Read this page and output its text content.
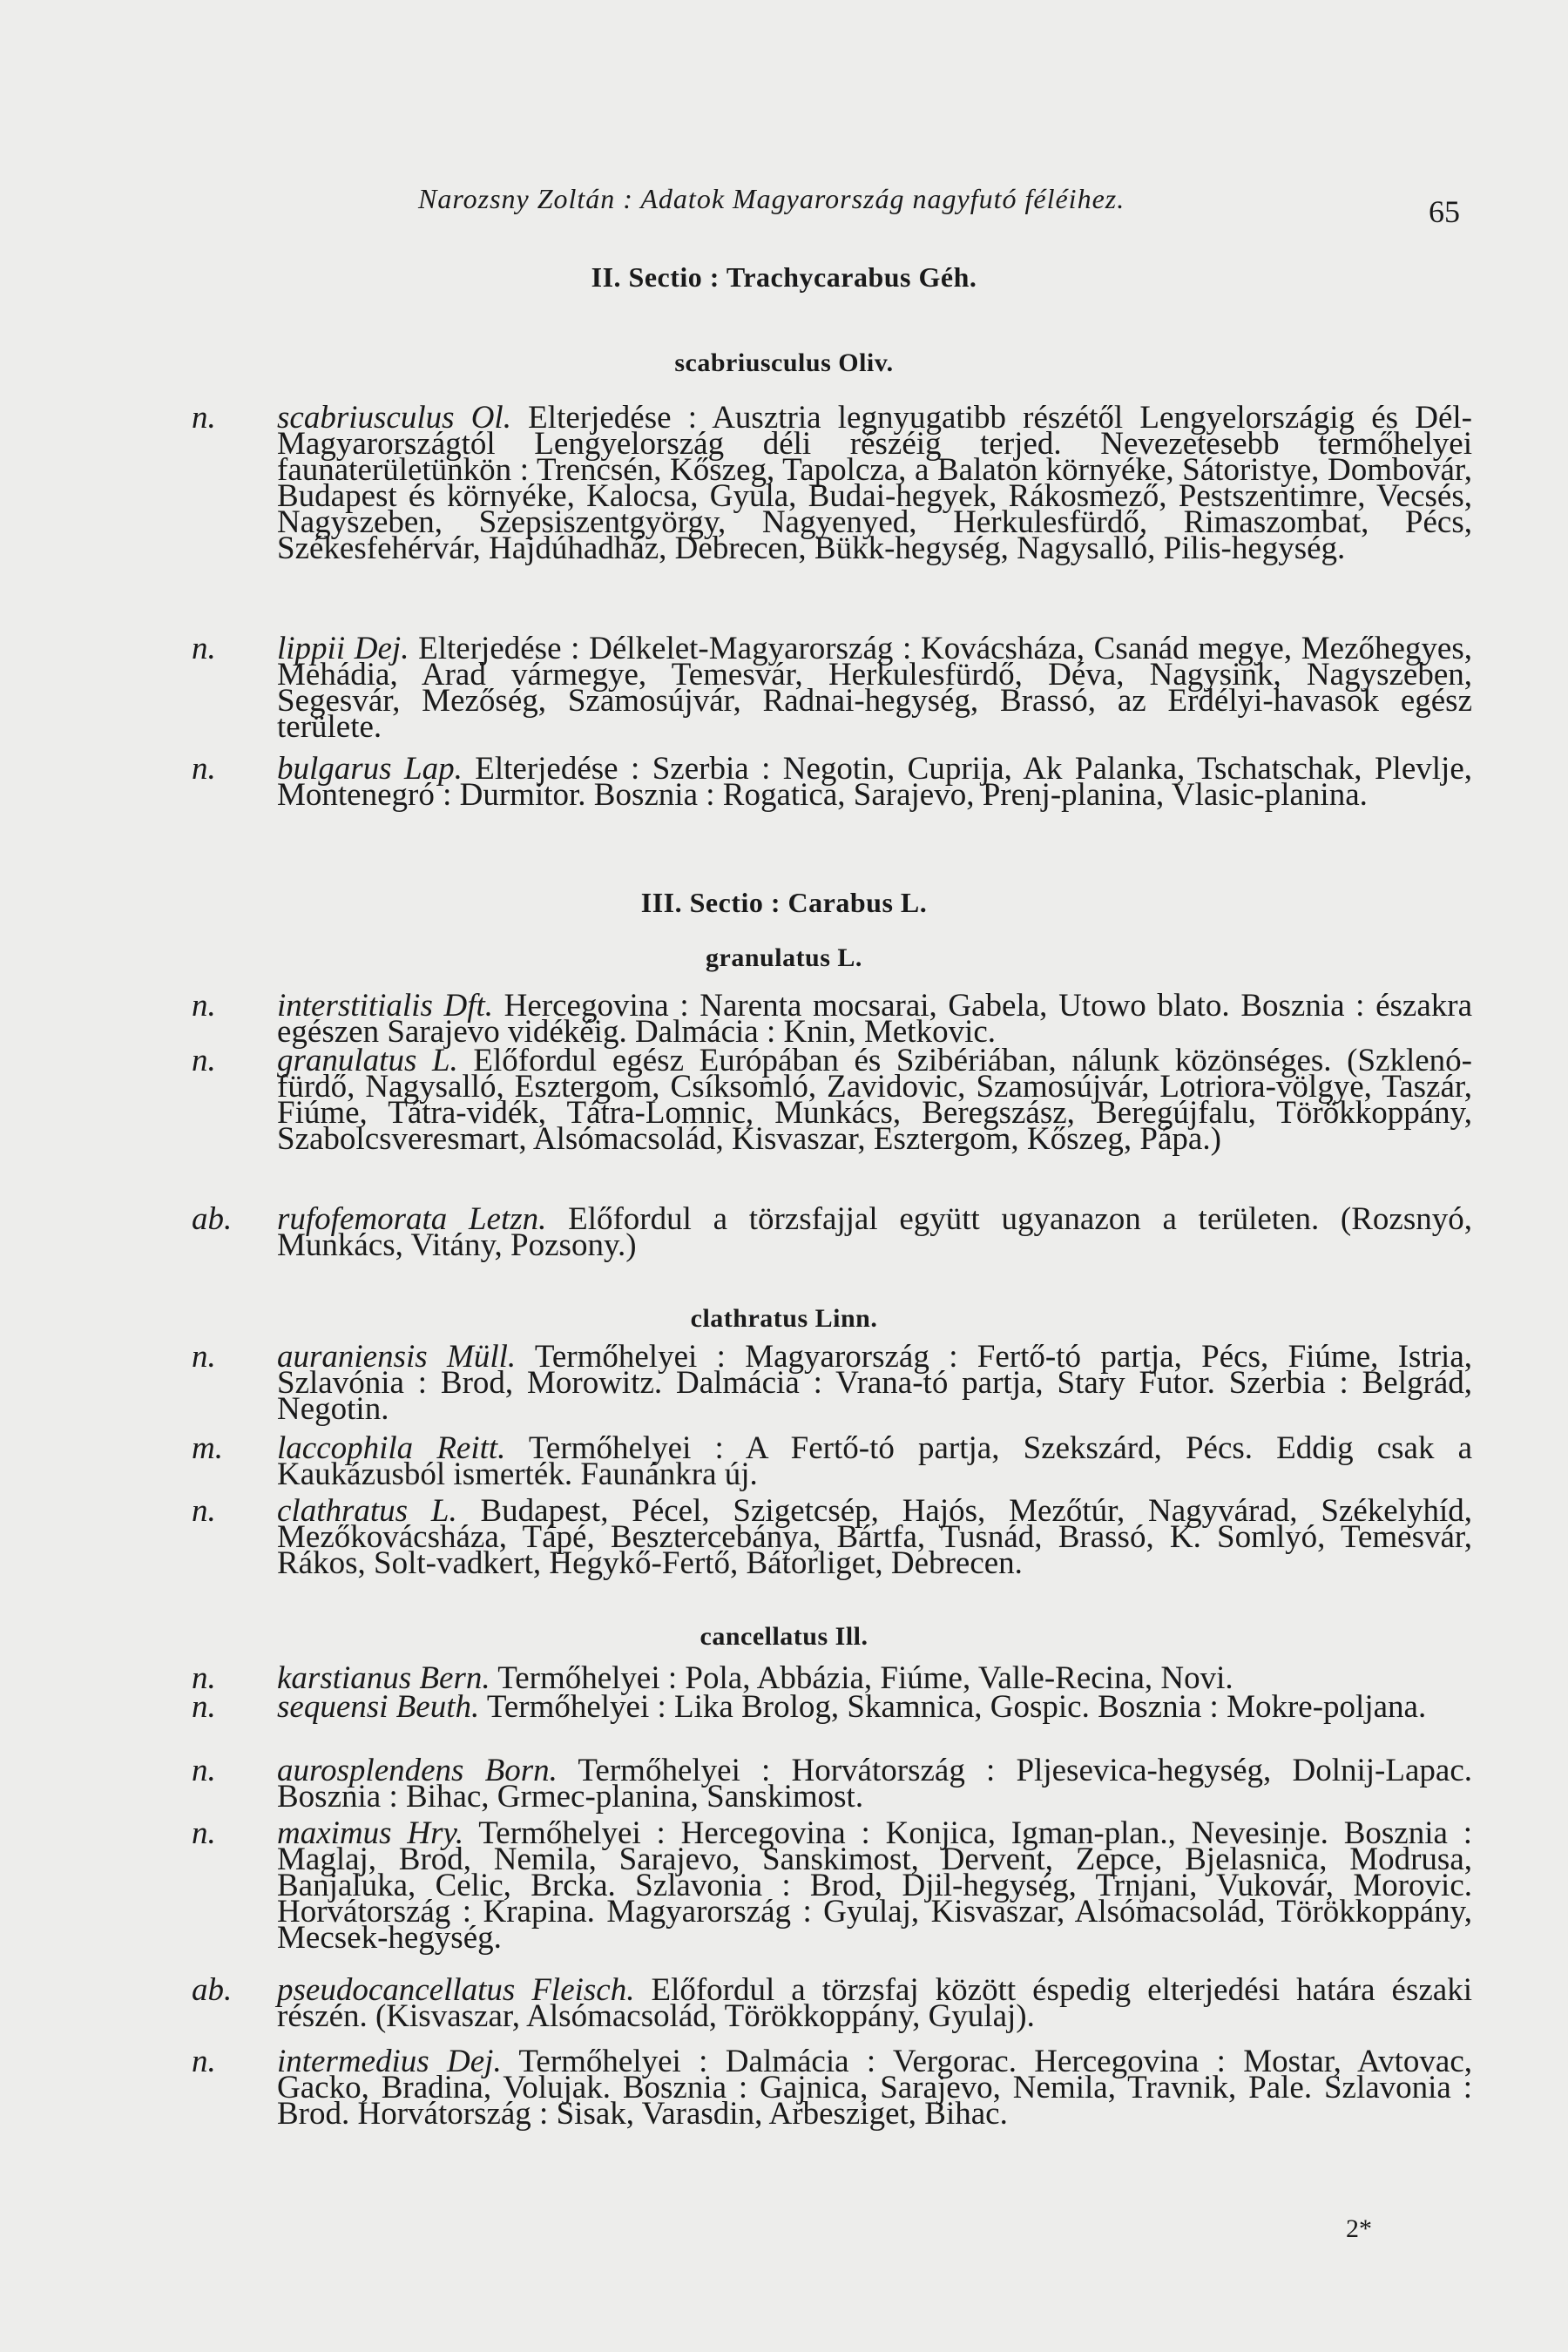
Narozsny Zoltán : Adatok Magyarország nagyfutó féléihez.	65
II. Sectio : Trachycarabus Géh.
scabriusculus Oliv.
n.	scabriusculus Ol. Elterjedése : Ausztria legnyugatibb részétől Lengyelországig és Dél-Magyarországtól Lengyelország déli részéig terjed. Nevezetesebb termőhelyei faunaterületünkön : Trencsén, Kőszeg, Tapolcza, a Balaton környéke, Sátoristye, Dombovár, Budapest és környéke, Kalocsa, Gyula, Budai-hegyek, Rákosmező, Pestszentimre, Vecsés, Nagyszeben, Szepsiszentgyörgy, Nagyenyed, Herkulesfürdő, Rimaszombat, Pécs, Székesfehérvár, Hajdúhadház, Debrecen, Bükk-hegység, Nagysalló, Pilis-hegység.
n.	lippii Dej. Elterjedése : Délkelet-Magyarország : Kovácsháza, Csanád megye, Mezőhegyes, Mehádia, Arad vármegye, Temesvár, Herkulesfürdő, Déva, Nagysink, Nagyszeben, Segesvár, Mezőség, Szamosújvár, Radnai-hegység, Brassó, az Erdélyi-havasok egész területe.
n.	bulgarus Lap. Elterjedése : Szerbia : Negotin, Cuprija, Ak Palanka, Tschatschak, Plevlje, Montenegró : Durmitor. Bosznia : Rogatica, Sarajevo, Prenj-planina, Vlasic-planina.
III. Sectio : Carabus L.
granulatus L.
n.	interstitialis Dft. Hercegovina : Narenta mocsarai, Gabela, Utowo blato. Bosznia : északra egészen Sarajevo vidékéig. Dalmácia : Knin, Metkovic.
n.	granulatus L. Előfordul egész Európában és Szibériában, nálunk közönséges. (Szklenó-fürdő, Nagysalló, Esztergom, Csíksomló, Zavidovic, Szamosújvár, Lotriora-völgye, Taszár, Fiúme, Tátra-vidék, Tátra-Lomnic, Munkács, Beregszász, Beregújfalu, Törökkoppány, Szabolcsveresmart, Alsómacsolád, Kisvaszar, Esztergom, Kőszeg, Pápa.)
ab.	rufofemorata Letzn. Előfordul a törzsfajjal együtt ugyanazon a területen. (Rozsnyó, Munkács, Vitány, Pozsony.)
clathratus Linn.
n.	auraniensis Müll. Termőhelyei : Magyarország : Fertő-tó partja, Pécs, Fiúme, Istria, Szlavónia : Brod, Morowitz. Dalmácia : Vrana-tó partja, Stary Futor. Szerbia : Belgrád, Negotin.
m.	laccophila Reitt. Termőhelyei : A Fertő-tó partja, Szekszárd, Pécs. Eddig csak a Kaukázusból ismerték. Faunánkra új.
n.	clathratus L. Budapest, Pécel, Szigetcsép, Hajós, Mezőtúr, Nagyvárad, Székelyhíd, Mezőkovácsháza, Tápé, Besztercebánya, Bártfa, Tusnád, Brassó, K. Somlyó, Temesvár, Rákos, Solt-vadkert, Hegykő-Fertő, Bátorliget, Debrecen.
cancellatus Ill.
n.	karstianus Bern. Termőhelyei : Pola, Abbázia, Fiúme, Valle-Recina, Novi.
n.	sequensi Beuth. Termőhelyei : Lika Brolog, Skamnica, Gospic. Bosznia : Mokre-poljana.
n.	aurosplendens Born. Termőhelyei : Horvátország : Pljesevica-hegység, Dolnij-Lapac. Bosznia : Bihac, Grmec-planina, Sanskimost.
n.	maximus Hry. Termőhelyei : Hercegovina : Konjica, Igman-plan., Nevesinje. Bosznia : Maglaj, Brod, Nemila, Sarajevo, Sanskimost, Dervent, Zepce, Bjelasnica, Modrusa, Banjaluka, Celic, Brcka. Szlavonia : Brod, Djil-hegység, Trnjani, Vukovár, Morovic. Horvátország : Krapina. Magyarország : Gyulaj, Kisvaszar, Alsómacsolád, Törökkoppány, Mecsek-hegység.
ab.	pseudocancellatus Fleisch. Előfordul a törzsfaj között éspedig elterjedési határa északi részén. (Kisvaszar, Alsómacsolád, Törökkoppány, Gyulaj).
n.	intermedius Dej. Termőhelyei : Dalmácia : Vergorac. Hercegovina : Mostar, Avtovac, Gacko, Bradina, Volujak. Bosznia : Gajnica, Sarajevo, Nemila, Travnik, Pale. Szlavonia : Brod. Horvátország : Sisak, Varasdin, Arbesziget, Bihac.
2*
